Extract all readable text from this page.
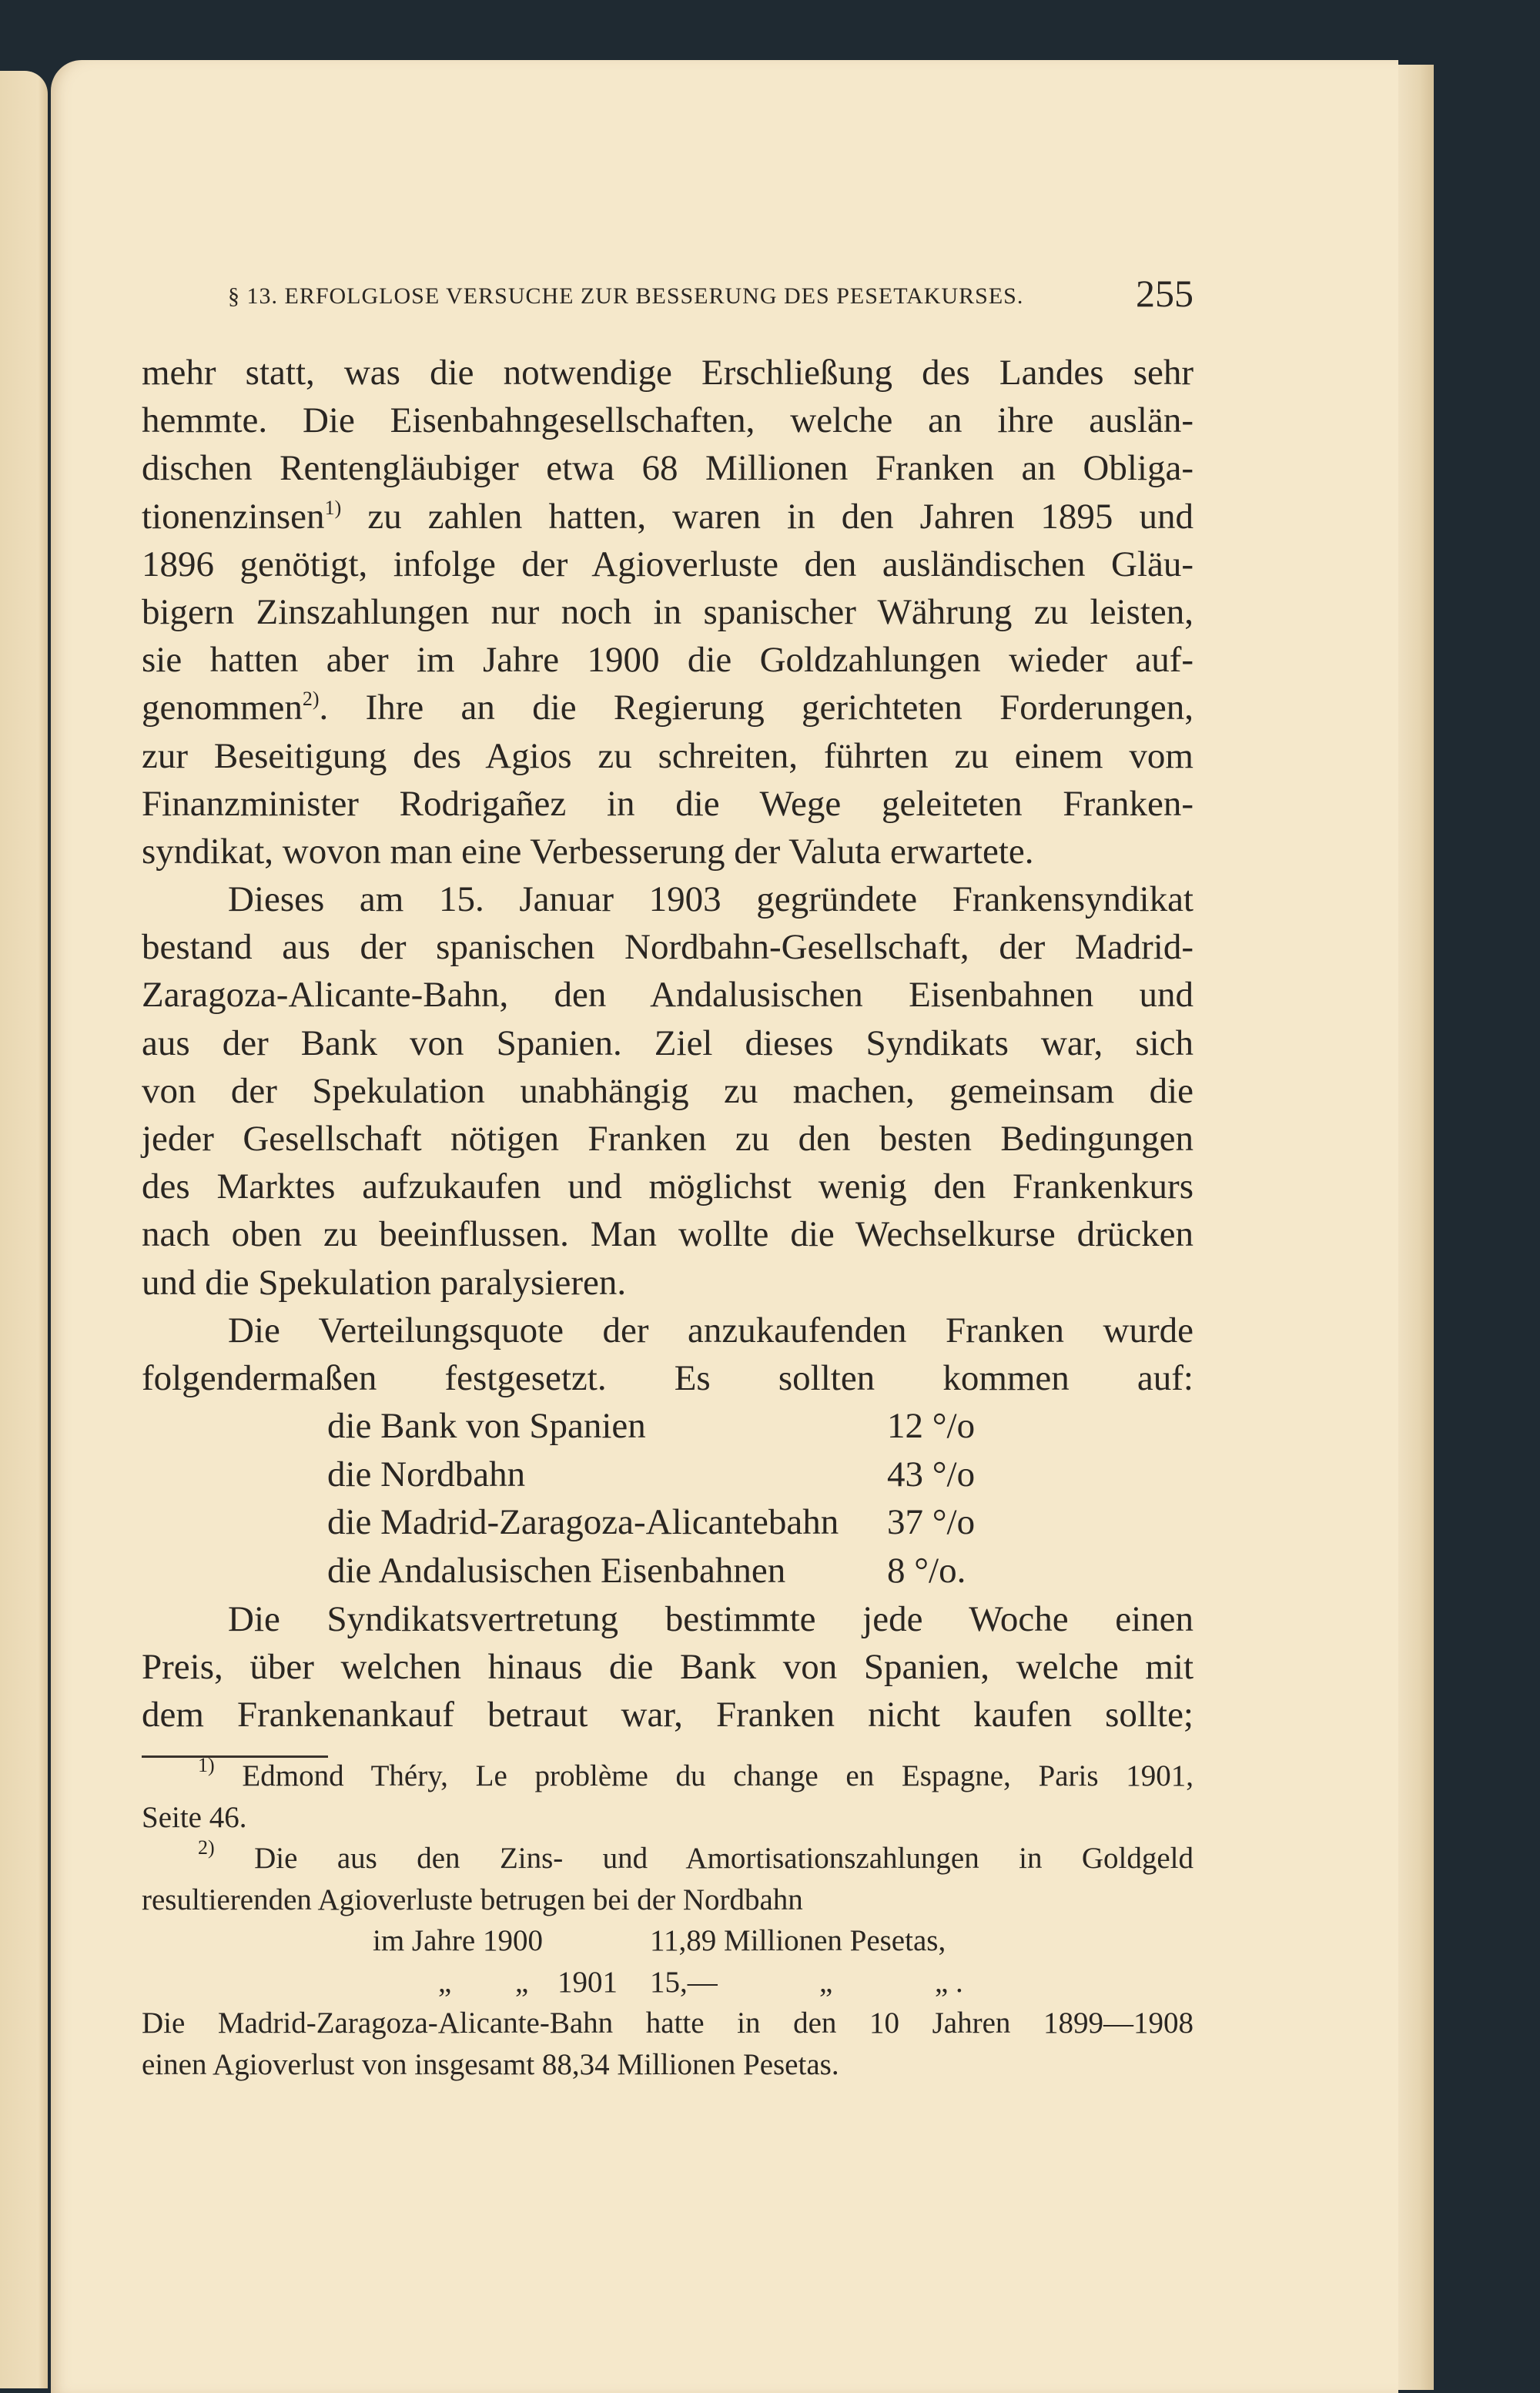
§ 13. ERFOLGLOSE VERSUCHE ZUR BESSERUNG DES PESETAKURSES.	255
mehr statt, was die notwendige Erschließung des Landes sehr
hemmte. Die Eisenbahngesellschaften, welche an ihre auslän-
dischen Rentengläubiger etwa 68 Millionen Franken an Obliga-
tionenzinsen$^{1)}$ zu zahlen hatten, waren in den Jahren 1895 und
1896 genötigt, infolge der Agioverluste den ausländischen Gläu-
bigern Zinszahlungen nur noch in spanischer Währung zu leisten,
sie hatten aber im Jahre 1900 die Goldzahlungen wieder auf-
genommen$^{2)}$. Ihre an die Regierung gerichteten Forderungen,
zur Beseitigung des Agios zu schreiten, führten zu einem vom
Finanzminister Rodrigañez in die Wege geleiteten Franken-
syndikat, wovon man eine Verbesserung der Valuta erwartete.
Dieses am 15. Januar 1903 gegründete Frankensyndikat
bestand aus der spanischen Nordbahn-Gesellschaft, der Madrid-
Zaragoza-Alicante-Bahn, den Andalusischen Eisenbahnen und
aus der Bank von Spanien. Ziel dieses Syndikats war, sich
von der Spekulation unabhängig zu machen, gemeinsam die
jeder Gesellschaft nötigen Franken zu den besten Bedingungen
des Marktes aufzukaufen und möglichst wenig den Frankenkurs
nach oben zu beeinflussen. Man wollte die Wechselkurse drücken
und die Spekulation paralysieren.
Die Verteilungsquote der anzukaufenden Franken wurde
folgendermaßen festgesetzt. Es sollten kommen auf:
die Bank von Spanien	12 °/o
die Nordbahn	43 °/o
die Madrid-Zaragoza-Alicantebahn 37 °/o
die Andalusischen Eisenbahnen	8 °/o.
Die Syndikatsvertretung bestimmte jede Woche einen
Preis, über welchen hinaus die Bank von Spanien, welche mit
dem Frankenankauf betraut war, Franken nicht kaufen sollte;
$^{1)}$ Edmond Théry, Le problème du change en Espagne, Paris 1901,
Seite 46.
$^{2)}$ Die aus den Zins- und Amortisationszahlungen in Goldgeld
resultierenden Agioverluste betrugen bei der Nordbahn
im Jahre 1900	11,89 Millionen Pesetas,
„ „ 1901 15,—	„	„ .
Die Madrid-Zaragoza-Alicante-Bahn hatte in den 10 Jahren 1899—1908
einen Agioverlust von insgesamt 88,34 Millionen Pesetas.
